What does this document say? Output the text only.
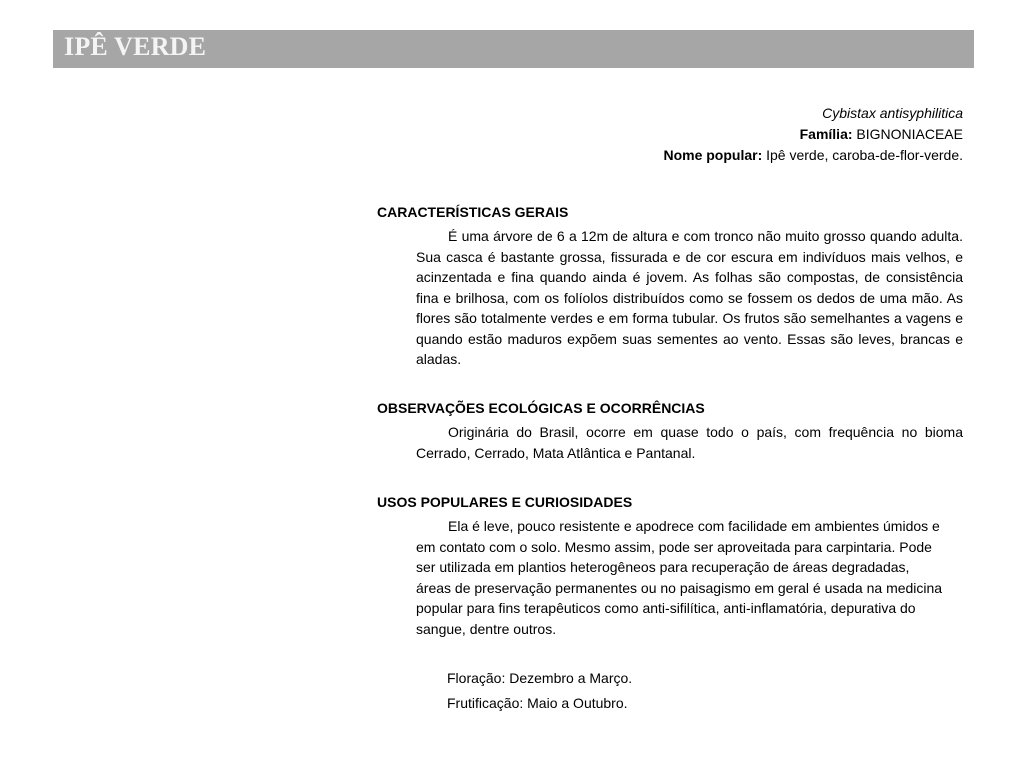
IPÊ VERDE
Cybistax antisyphilitica
Família: BIGNONIACEAE
Nome popular: Ipê verde, caroba-de-flor-verde.
CARACTERÍSTICAS GERAIS
É uma árvore de 6 a 12m de altura e com tronco não muito grosso quando adulta. Sua casca é bastante grossa, fissurada e de cor escura em indivíduos mais velhos, e acinzentada e fina quando ainda é jovem. As folhas são compostas, de consistência fina e brilhosa, com os folíolos distribuídos como se fossem os dedos de uma mão. As flores são totalmente verdes e em forma tubular. Os frutos são semelhantes a vagens e quando estão maduros expõem suas sementes ao vento. Essas são leves, brancas e aladas.
OBSERVAÇÕES ECOLÓGICAS E OCORRÊNCIAS
Originária do Brasil, ocorre em quase todo o país, com frequência no bioma Cerrado, Cerrado, Mata Atlântica e Pantanal.
USOS POPULARES E CURIOSIDADES
Ela é leve, pouco resistente e apodrece com facilidade em ambientes úmidos e em contato com o solo. Mesmo assim, pode ser aproveitada para carpintaria. Pode ser utilizada em plantios heterogêneos para recuperação de áreas degradadas, áreas de preservação permanentes ou no paisagismo em geral é usada na medicina popular para fins terapêuticos como anti-sifilítica, anti-inflamatória, depurativa do sangue, dentre outros.
Floração: Dezembro a Março.
Frutificação: Maio a Outubro.
